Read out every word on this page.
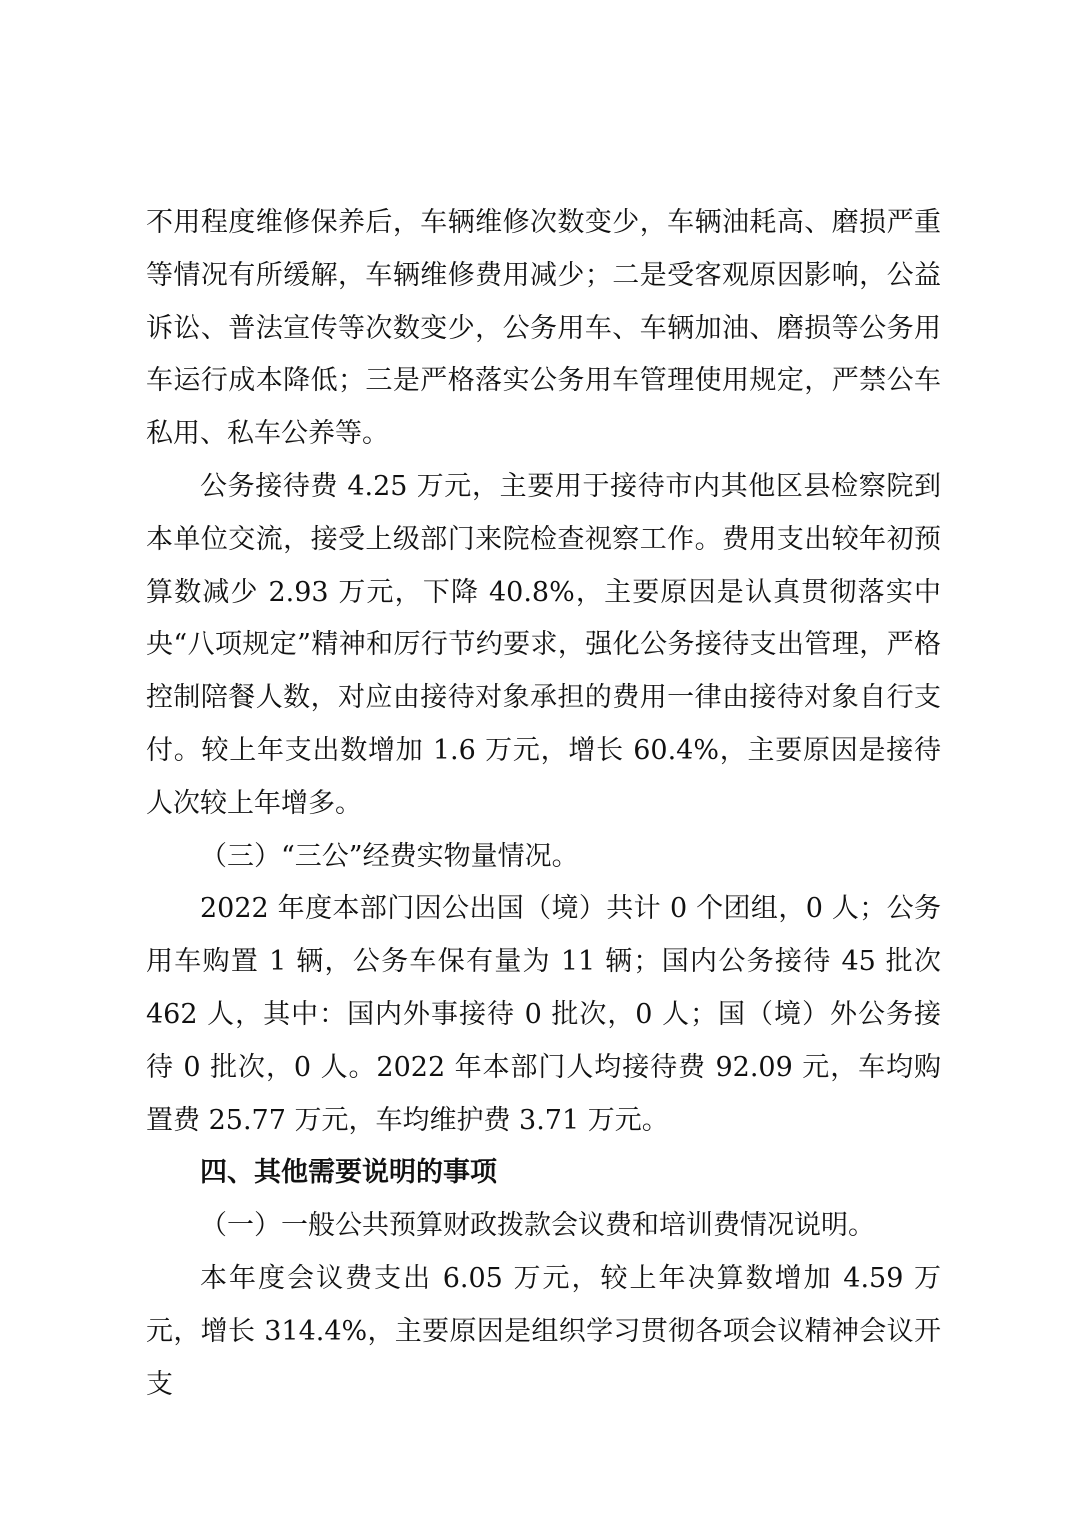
不用程度维修保养后，车辆维修次数变少，车辆油耗高、磨损严重等情况有所缓解，车辆维修费用减少；二是受客观原因影响，公益诉讼、普法宣传等次数变少，公务用车、车辆加油、磨损等公务用车运行成本降低；三是严格落实公务用车管理使用规定，严禁公车私用、私车公养等。

公务接待费 4.25 万元，主要用于接待市内其他区县检察院到本单位交流，接受上级部门来院检查视察工作。费用支出较年初预算数减少 2.93 万元，下降 40.8%，主要原因是认真贯彻落实中央“八项规定”精神和厉行节约要求，强化公务接待支出管理，严格控制陪餐人数，对应由接待对象承担的费用一律由接待对象自行支付。较上年支出数增加 1.6 万元，增长 60.4%，主要原因是接待人次较上年增多。

（三）“三公”经费实物量情况。

2022 年度本部门因公出国（境）共计 0 个团组，0 人；公务用车购置 1 辆，公务车保有量为 11 辆；国内公务接待 45 批次 462 人，其中：国内外事接待 0 批次，0 人；国（境）外公务接待 0 批次，0 人。2022 年本部门人均接待费 92.09 元，车均购置费 25.77 万元，车均维护费 3.71 万元。

四、其他需要说明的事项

（一）一般公共预算财政拨款会议费和培训费情况说明。

本年度会议费支出 6.05 万元，较上年决算数增加 4.59 万元，增长 314.4%，主要原因是组织学习贯彻各项会议精神会议开支
